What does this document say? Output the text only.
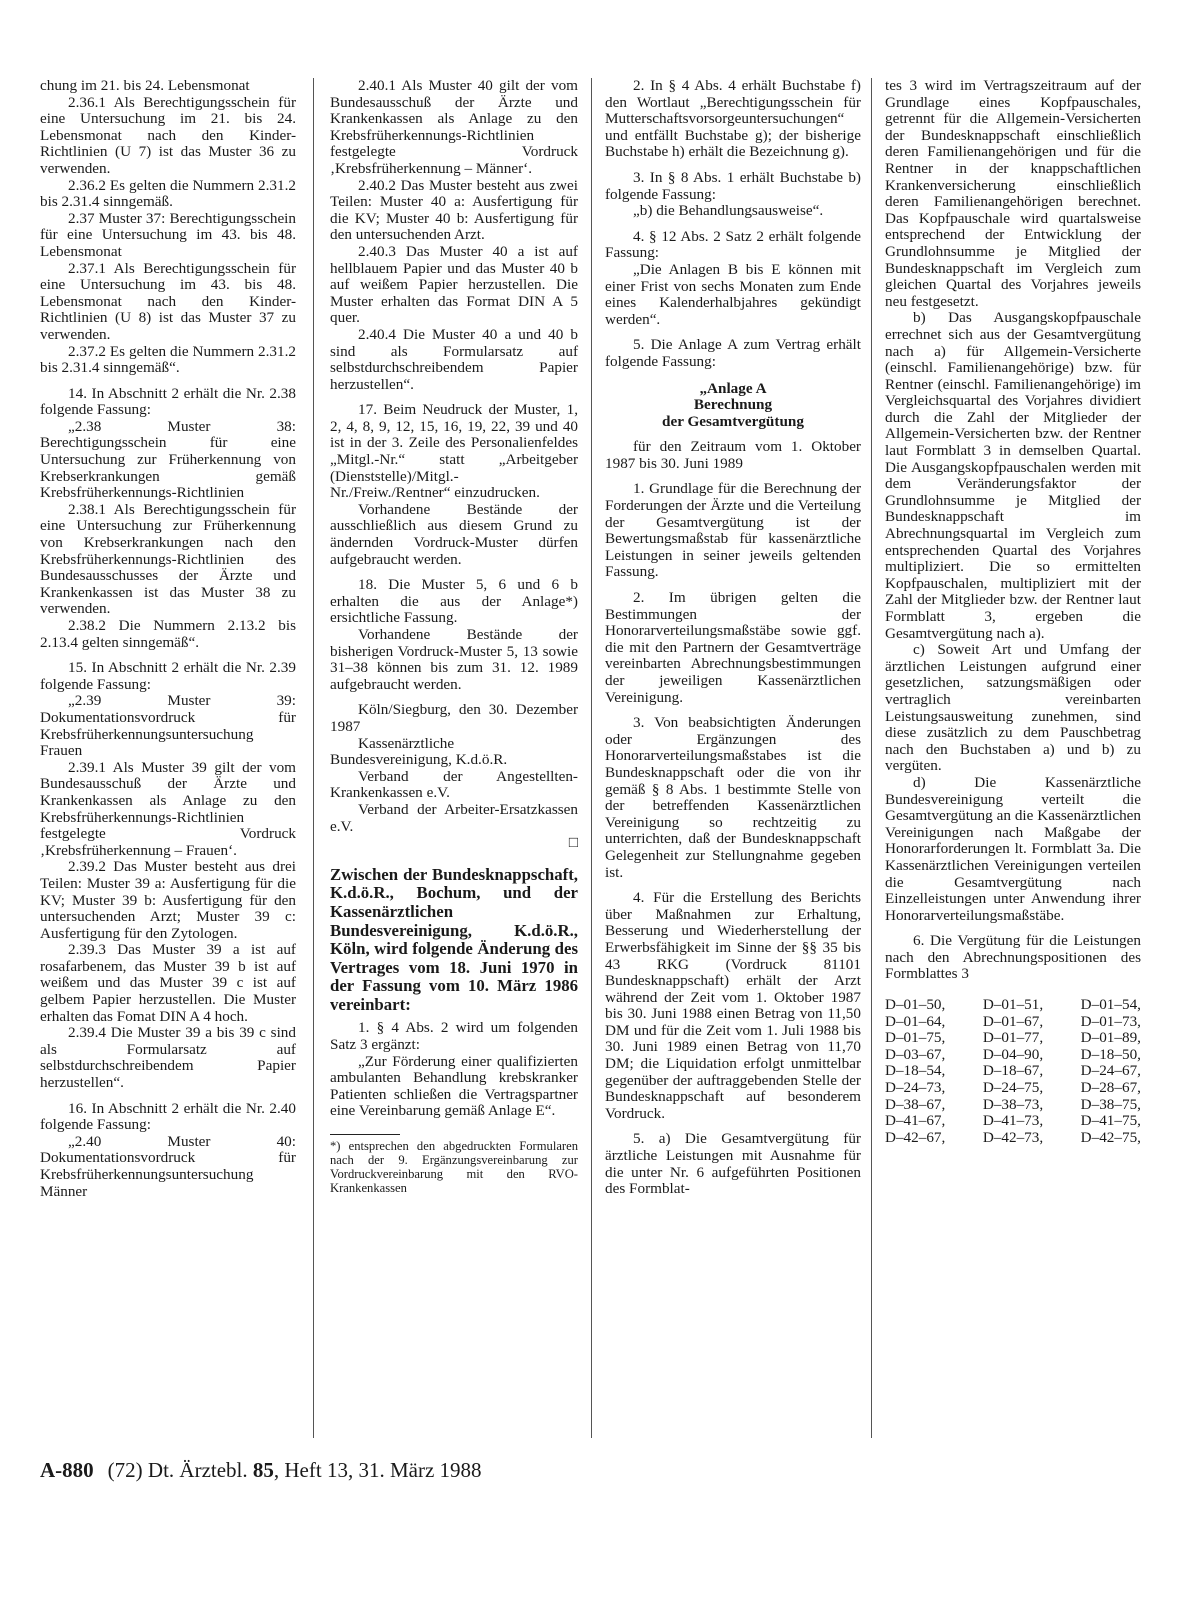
chung im 21. bis 24. Lebensmonat

2.36.1 Als Berechtigungsschein für eine Untersuchung im 21. bis 24. Lebensmonat nach den Kinder-Richtlinien (U 7) ist das Muster 36 zu verwenden.

2.36.2 Es gelten die Nummern 2.31.2 bis 2.31.4 sinngemäß.

2.37 Muster 37: Berechtigungsschein für eine Untersuchung im 43. bis 48. Lebensmonat

2.37.1 Als Berechtigungsschein für eine Untersuchung im 43. bis 48. Lebensmonat nach den Kinder-Richtlinien (U 8) ist das Muster 37 zu verwenden.

2.37.2 Es gelten die Nummern 2.31.2 bis 2.31.4 sinngemäß“.

14. In Abschnitt 2 erhält die Nr. 2.38 folgende Fassung:

„2.38 Muster 38: Berechtigungsschein für eine Untersuchung zur Früherkennung von Krebserkrankungen gemäß Krebsfrüherkennungs-Richtlinien

2.38.1 Als Berechtigungsschein für eine Untersuchung zur Früherkennung von Krebserkrankungen nach den Krebsfrüherkennungs-Richtlinien des Bundesausschusses der Ärzte und Krankenkassen ist das Muster 38 zu verwenden.

2.38.2 Die Nummern 2.13.2 bis 2.13.4 gelten sinngemäß“.

15. In Abschnitt 2 erhält die Nr. 2.39 folgende Fassung:

„2.39 Muster 39: Dokumentationsvordruck für Krebsfrüherkennungsuntersuchung Frauen

2.39.1 Als Muster 39 gilt der vom Bundesausschuß der Ärzte und Krankenkassen als Anlage zu den Krebsfrüherkennungs-Richtlinien festgelegte Vordruck ‚Krebsfrüherkennung – Frauen‘.

2.39.2 Das Muster besteht aus drei Teilen: Muster 39 a: Ausfertigung für die KV; Muster 39 b: Ausfertigung für den untersuchenden Arzt; Muster 39 c: Ausfertigung für den Zytologen.

2.39.3 Das Muster 39 a ist auf rosafarbenem, das Muster 39 b ist auf weißem und das Muster 39 c ist auf gelbem Papier herzustellen. Die Muster erhalten das Fomat DIN A 4 hoch.

2.39.4 Die Muster 39 a bis 39 c sind als Formularsatz auf selbstdurchschreibendem Papier herzustellen“.

16. In Abschnitt 2 erhält die Nr. 2.40 folgende Fassung:

„2.40 Muster 40: Dokumentationsvordruck für Krebsfrüherkennungsuntersuchung Männer

2.40.1 Als Muster 40 gilt der vom Bundesausschuß der Ärzte und Krankenkassen als Anlage zu den Krebsfrüherkennungs-Richtlinien festgelegte Vordruck ‚Krebsfrüherkennung – Männer‘.

2.40.2 Das Muster besteht aus zwei Teilen: Muster 40 a: Ausfertigung für die KV; Muster 40 b: Ausfertigung für den untersuchenden Arzt.

2.40.3 Das Muster 40 a ist auf hellblauem Papier und das Muster 40 b auf weißem Papier herzustellen. Die Muster erhalten das Format DIN A 5 quer.

2.40.4 Die Muster 40 a und 40 b sind als Formularsatz auf selbstdurchschreibendem Papier herzustellen“.

17. Beim Neudruck der Muster, 1, 2, 4, 8, 9, 12, 15, 16, 19, 22, 39 und 40 ist in der 3. Zeile des Personalienfeldes „Mitgl.-Nr.“ statt „Arbeitgeber (Dienststelle)/Mitgl.-Nr./Freiw./Rentner“ einzudrucken.

Vorhandene Bestände der ausschließlich aus diesem Grund zu ändernden Vordruck-Muster dürfen aufgebraucht werden.

18. Die Muster 5, 6 und 6 b erhalten die aus der Anlage*) ersichtliche Fassung.

Vorhandene Bestände der bisherigen Vordruck-Muster 5, 13 sowie 31–38 können bis zum 31. 12. 1989 aufgebraucht werden.

Köln/Siegburg, den 30. Dezember 1987

Kassenärztliche Bundesvereinigung, K.d.ö.R.

Verband der Angestellten-Krankenkassen e.V.

Verband der Arbeiter-Ersatzkassen e.V.

□

Zwischen der Bundesknappschaft, K.d.ö.R., Bochum, und der Kassenärztlichen Bundesvereinigung, K.d.ö.R., Köln, wird folgende Änderung des Vertrages vom 18. Juni 1970 in der Fassung vom 10. März 1986 vereinbart:

1. § 4 Abs. 2 wird um folgenden Satz 3 ergänzt:

„Zur Förderung einer qualifizierten ambulanten Behandlung krebskranker Patienten schließen die Vertragspartner eine Vereinbarung gemäß Anlage E“.

*) entsprechen den abgedruckten Formularen nach der 9. Ergänzungsvereinbarung zur Vordruckvereinbarung mit den RVO-Krankenkassen

2. In § 4 Abs. 4 erhält Buchstabe f) den Wortlaut „Berechtigungsschein für Mutterschaftsvorsorgeuntersuchungen“ und entfällt Buchstabe g); der bisherige Buchstabe h) erhält die Bezeichnung g).

3. In § 8 Abs. 1 erhält Buchstabe b) folgende Fassung:

„b) die Behandlungsausweise“.

4. § 12 Abs. 2 Satz 2 erhält folgende Fassung:

„Die Anlagen B bis E können mit einer Frist von sechs Monaten zum Ende eines Kalenderhalbjahres gekündigt werden“.

5. Die Anlage A zum Vertrag erhält folgende Fassung:

„Anlage A

Berechnung

der Gesamtvergütung

für den Zeitraum vom 1. Oktober 1987 bis 30. Juni 1989

1. Grundlage für die Berechnung der Forderungen der Ärzte und die Verteilung der Gesamtvergütung ist der Bewertungsmaßstab für kassenärztliche Leistungen in seiner jeweils geltenden Fassung.

2. Im übrigen gelten die Bestimmungen der Honorarverteilungsmaßstäbe sowie ggf. die mit den Partnern der Gesamtverträge vereinbarten Abrechnungsbestimmungen der jeweiligen Kassenärztlichen Vereinigung.

3. Von beabsichtigten Änderungen oder Ergänzungen des Honorarverteilungsmaßstabes ist die Bundesknappschaft oder die von ihr gemäß § 8 Abs. 1 bestimmte Stelle von der betreffenden Kassenärztlichen Vereinigung so rechtzeitig zu unterrichten, daß der Bundesknappschaft Gelegenheit zur Stellungnahme gegeben ist.

4. Für die Erstellung des Berichts über Maßnahmen zur Erhaltung, Besserung und Wiederherstellung der Erwerbsfähigkeit im Sinne der §§ 35 bis 43 RKG (Vordruck 81101 Bundesknappschaft) erhält der Arzt während der Zeit vom 1. Oktober 1987 bis 30. Juni 1988 einen Betrag von 11,50 DM und für die Zeit vom 1. Juli 1988 bis 30. Juni 1989 einen Betrag von 11,70 DM; die Liquidation erfolgt unmittelbar gegenüber der auftraggebenden Stelle der Bundesknappschaft auf besonderem Vordruck.

5. a) Die Gesamtvergütung für ärztliche Leistungen mit Ausnahme für die unter Nr. 6 aufgeführten Positionen des Formblat-

tes 3 wird im Vertragszeitraum auf der Grundlage eines Kopfpauschales, getrennt für die Allgemein-Versicherten der Bundesknappschaft einschließlich deren Familienangehörigen und für die Rentner in der knappschaftlichen Krankenversicherung einschließlich deren Familienangehörigen berechnet. Das Kopfpauschale wird quartalsweise entsprechend der Entwicklung der Grundlohnsumme je Mitglied der Bundesknappschaft im Vergleich zum gleichen Quartal des Vorjahres jeweils neu festgesetzt.

b) Das Ausgangskopfpauschale errechnet sich aus der Gesamtvergütung nach a) für Allgemein-Versicherte (einschl. Familienangehörige) bzw. für Rentner (einschl. Familienangehörige) im Vergleichsquartal des Vorjahres dividiert durch die Zahl der Mitglieder der Allgemein-Versicherten bzw. der Rentner laut Formblatt 3 in demselben Quartal. Die Ausgangskopfpauschalen werden mit dem Veränderungsfaktor der Grundlohnsumme je Mitglied der Bundesknappschaft im Abrechnungsquartal im Vergleich zum entsprechenden Quartal des Vorjahres multipliziert. Die so ermittelten Kopfpauschalen, multipliziert mit der Zahl der Mitglieder bzw. der Rentner laut Formblatt 3, ergeben die Gesamtvergütung nach a).

c) Soweit Art und Umfang der ärztlichen Leistungen aufgrund einer gesetzlichen, satzungsmäßigen oder vertraglich vereinbarten Leistungsausweitung zunehmen, sind diese zusätzlich zu dem Pauschbetrag nach den Buchstaben a) und b) zu vergüten.

d) Die Kassenärztliche Bundesvereinigung verteilt die Gesamtvergütung an die Kassenärztlichen Vereinigungen nach Maßgabe der Honorarforderungen lt. Formblatt 3a. Die Kassenärztlichen Vereinigungen verteilen die Gesamtvergütung nach Einzelleistungen unter Anwendung ihrer Honorarverteilungsmaßstäbe.

6. Die Vergütung für die Leistungen nach den Abrechnungspositionen des Formblattes 3

D–01–50, D–01–51, D–01–54,
D–01–64, D–01–67, D–01–73,
D–01–75, D–01–77, D–01–89,
D–03–67, D–04–90, D–18–50,
D–18–54, D–18–67, D–24–67,
D–24–73, D–24–75, D–28–67,
D–38–67, D–38–73, D–38–75,
D–41–67, D–41–73, D–41–75,
D–42–67, D–42–73, D–42–75,
A-880 (72) Dt. Ärztebl. 85, Heft 13, 31. März 1988
